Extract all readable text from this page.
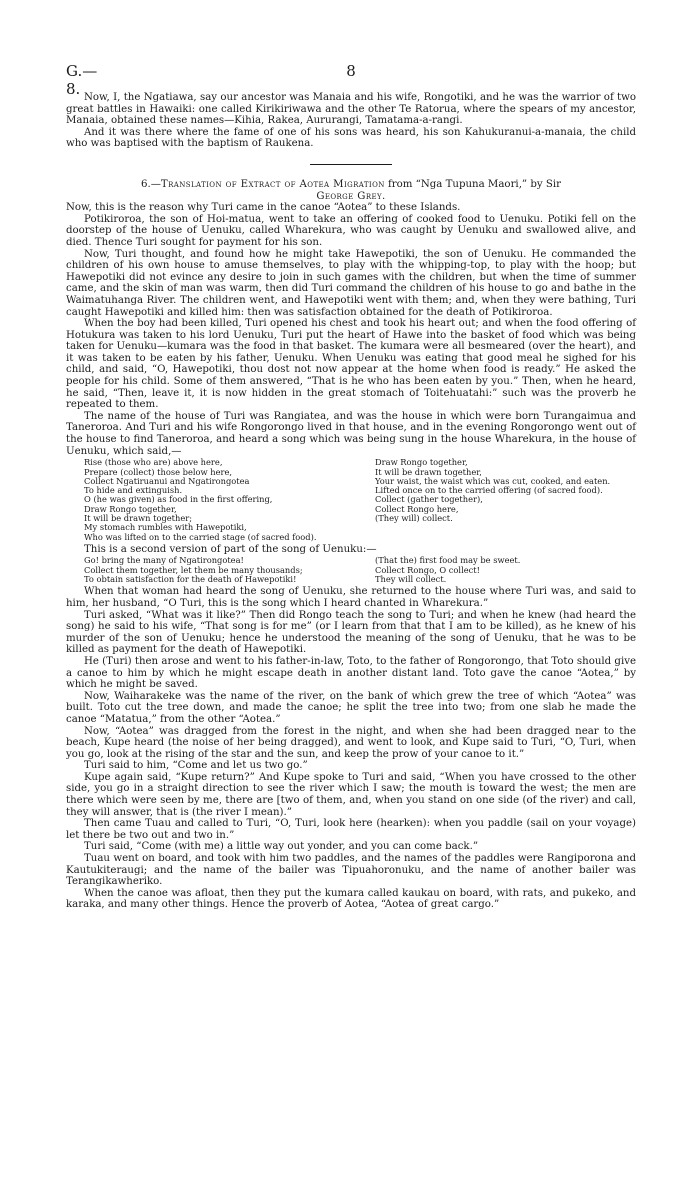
G.—8.
8

Now, I, the Ngatiawa, say our ancestor was Manaia and his wife, Rongotiki, and he was the warrior of two great battles in Hawaiki: one called Kirikiriwawa and the other Te Ratorua, where the spears of my ancestor, Manaia, obtained these names—Kihia, Rakea, Aururangi, Tamatama-a-rangi.

And it was there where the fame of one of his sons was heard, his son Kahukuranui-a-manaia, the child who was baptised with the baptism of Raukena.

6.—Translation of Extract of Aotea Migration from “Nga Tupuna Maori,” by Sir
George Grey.

Now, this is the reason why Turi came in the canoe “Aotea” to these Islands.

Potikiroroa, the son of Hoi-matua, went to take an offering of cooked food to Uenuku. Potiki fell on the doorstep of the house of Uenuku, called Wharekura, who was caught by Uenuku and swallowed alive, and died. Thence Turi sought for payment for his son.

Now, Turi thought, and found how he might take Hawepotiki, the son of Uenuku. He commanded the children of his own house to amuse themselves, to play with the whipping-top, to play with the hoop; but Hawepotiki did not evince any desire to join in such games with the children, but when the time of summer came, and the skin of man was warm, then did Turi command the children of his house to go and bathe in the Waimatuhanga River. The children went, and Hawepotiki went with them; and, when they were bathing, Turi caught Hawepotiki and killed him: then was satisfaction obtained for the death of Potikiroroa.

When the boy had been killed, Turi opened his chest and took his heart out; and when the food offering of Hotukura was taken to his lord Uenuku, Turi put the heart of Hawe into the basket of food which was being taken for Uenuku—kumara was the food in that basket. The kumara were all besmeared (over the heart), and it was taken to be eaten by his father, Uenuku. When Uenuku was eating that good meal he sighed for his child, and said, “O, Hawepotiki, thou dost not now appear at the home when food is ready.” He asked the people for his child. Some of them answered, “That is he who has been eaten by you.” Then, when he heard, he said, “Then, leave it, it is now hidden in the great stomach of Toitehuatahi:” such was the proverb he repeated to them.

The name of the house of Turi was Rangiatea, and was the house in which were born Turangaimua and Taneroroa. And Turi and his wife Rongorongo lived in that house, and in the evening Rongorongo went out of the house to find Taneroroa, and heard a song which was being sung in the house Wharekura, in the house of Uenuku, which said,—

Rise (those who are) above here,
Prepare (collect) those below here,
Collect Ngatiruanui and Ngatirongotea
To hide and extinguish.
O (he was given) as food in the first offering,
Draw Rongo together,
It will be drawn together;
My stomach rumbles with Hawepotiki,
Who was lifted on to the carried stage (of sacred food).
Draw Rongo together,
It will be drawn together,
Your waist, the waist which was cut, cooked, and eaten.
Lifted once on to the carried offering (of sacred food).
Collect (gather together),
Collect Rongo here,
(They will) collect.

This is a second version of part of the song of Uenuku:—

Go! bring the many of Ngatirongotea!
Collect them together, let them be many thousands;
To obtain satisfaction for the death of Hawepotiki!
(That the) first food may be sweet.
Collect Rongo, O collect!
They will collect.

When that woman had heard the song of Uenuku, she returned to the house where Turi was, and said to him, her husband, “O Turi, this is the song which I heard chanted in Wharekura.”

Turi asked, “What was it like?” Then did Rongo teach the song to Turi; and when he knew (had heard the song) he said to his wife, “That song is for me” (or I learn from that that I am to be killed), as he knew of his murder of the son of Uenuku; hence he understood the meaning of the song of Uenuku, that he was to be killed as payment for the death of Hawepotiki.

He (Turi) then arose and went to his father-in-law, Toto, to the father of Rongorongo, that Toto should give a canoe to him by which he might escape death in another distant land. Toto gave the canoe “Aotea,” by which he might be saved.

Now, Waiharakeke was the name of the river, on the bank of which grew the tree of which “Aotea” was built. Toto cut the tree down, and made the canoe; he split the tree into two; from one slab he made the canoe “Matatua,” from the other “Aotea.”

Now, “Aotea” was dragged from the forest in the night, and when she had been dragged near to the beach, Kupe heard (the noise of her being dragged), and went to look, and Kupe said to Turi, “O, Turi, when you go, look at the rising of the star and the sun, and keep the prow of your canoe to it.”

Turi said to him, “Come and let us two go.”

Kupe again said, “Kupe return?” And Kupe spoke to Turi and said, “When you have crossed to the other side, you go in a straight direction to see the river which I saw; the mouth is toward the west; the men are there which were seen by me, there are [two of them, and, when you stand on one side (of the river) and call, they will answer, that is (the river I mean).”

Then came Tuau and called to Turi, “O, Turi, look here (hearken): when you paddle (sail on your voyage) let there be two out and two in.”

Turi said, “Come (with me) a little way out yonder, and you can come back.”

Tuau went on board, and took with him two paddles, and the names of the paddles were Rangiporona and Kautukiteraugi; and the name of the bailer was Tipuahoronuku, and the name of another bailer was Terangikawheriko.

When the canoe was afloat, then they put the kumara called kaukau on board, with rats, and pukeko, and karaka, and many other things. Hence the proverb of Aotea, “Aotea of great cargo.”
